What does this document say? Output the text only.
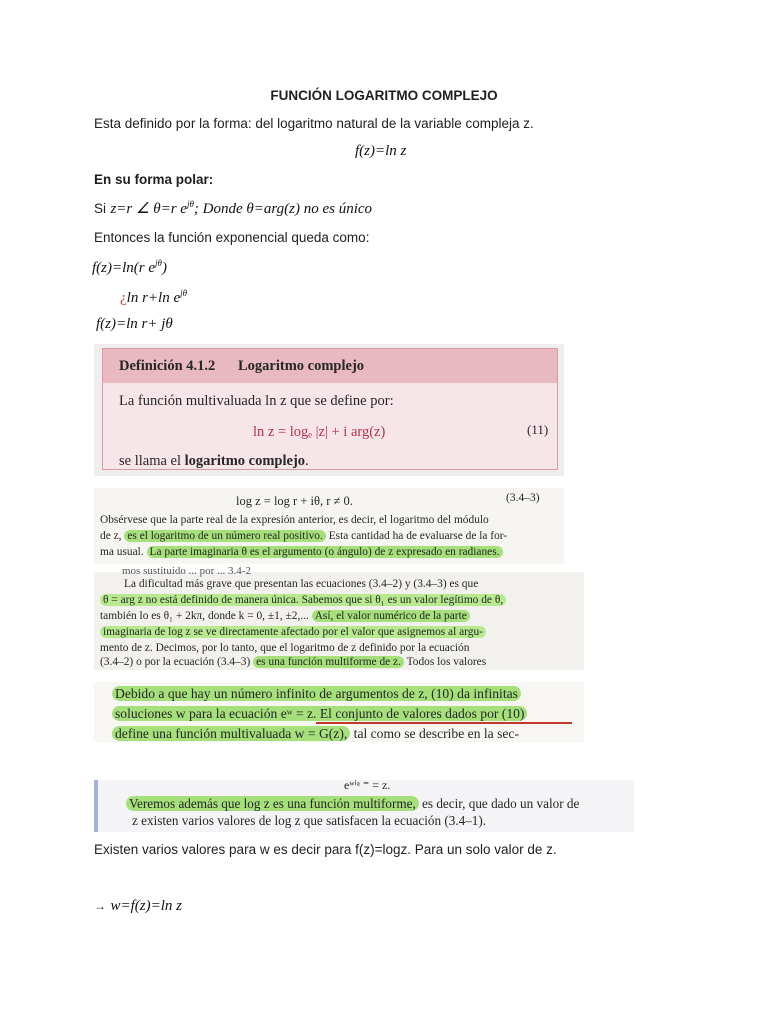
FUNCIÓN LOGARITMO COMPLEJO
Esta definido por la forma: del logaritmo natural de la variable compleja z.
f(z)=ln z
En su forma polar:
Si z=r ∠ θ=r $e^{j\theta}$; Donde θ=arg(z) no es único
Entonces la función exponencial queda como:
f(z)=ln(r $e^{j\theta}$)
¿ln r+ln $e^{j\theta}$
f(z)=ln r+ jθ
Definición 4.1.2 Logaritmo complejo
La función multivaluada ln z que se define por:
ln z = logₑ |z| + i arg(z)	(11)
se llama el logaritmo complejo.
log z = log r + iθ, r ≠ 0.	(3.4–3)
Obsérvese que la parte real de la expresión anterior, es decir, el logaritmo del módulo
de z, es el logaritmo de un número real positivo. Esta cantidad ha de evaluarse de la for-
ma usual. La parte imaginaria θ es el argumento (o ángulo) de z expresado en radianes.
mos sustituido ... por ... 3.4-2
La dificultad más grave que presentan las ecuaciones (3.4–2) y (3.4–3) es que
θ = arg z no está definido de manera única. Sabemos que si θ₁ es un valor legítimo de θ,
también lo es θ₁ + 2kπ, donde k = 0, ±1, ±2,... Así, el valor numérico de la parte
imaginaria de log z se ve directamente afectado por el valor que asignemos al argu-
mento de z. Decimos, por lo tanto, que el logaritmo de z definido por la ecuación
(3.4–2) o por la ecuación (3.4–3) es una función multiforme de z. Todos los valores
Debido a que hay un número infinito de argumentos de z, (10) da infinitas
soluciones w para la ecuación eʷ = z. El conjunto de valores dados por (10)
define una función multivaluada w = G(z), tal como se describe en la sec-
eʷⁱᵃ ⁼ = z.
Veremos además que log z es una función multiforme, es decir, que dado un valor de
z existen varios valores de log z que satisfacen la ecuación (3.4–1).
Existen varios valores para w es decir para f(z)=logz. Para un solo valor de z.
→ w=f(z)=ln z
